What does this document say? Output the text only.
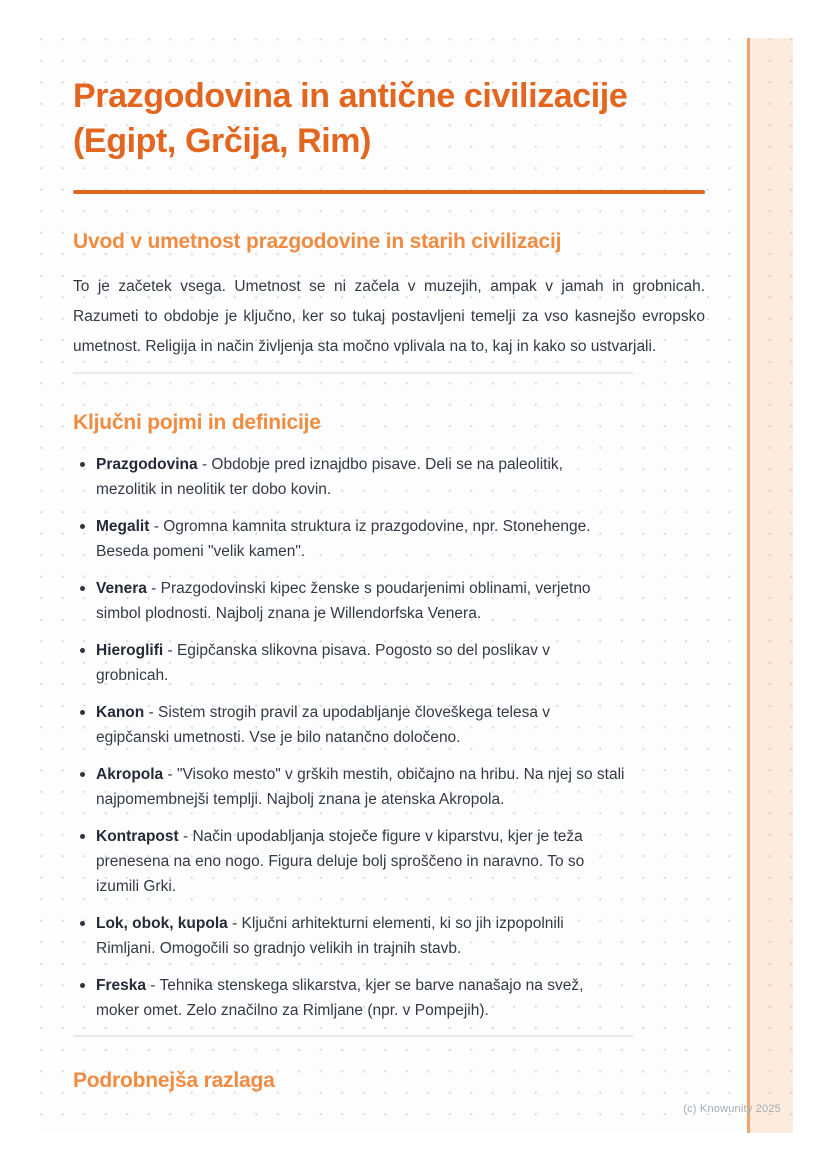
Prazgodovina in antične civilizacije (Egipt, Grčija, Rim)
Uvod v umetnost prazgodovine in starih civilizacij

To je začetek vsega. Umetnost se ni začela v muzejih, ampak v jamah in grobnicah. Razumeti to obdobje je ključno, ker so tukaj postavljeni temelji za vso kasnejšo evropsko umetnost. Religija in način življenja sta močno vplivala na to, kaj in kako so ustvarjali.

Ključni pojmi in definicije
Prazgodovina - Obdobje pred iznajdbo pisave. Deli se na paleolitik, mezolitik in neolitik ter dobo kovin.
Megalit - Ogromna kamnita struktura iz prazgodovine, npr. Stonehenge. Beseda pomeni "velik kamen".
Venera - Prazgodovinski kipec ženske s poudarjenimi oblinami, verjetno simbol plodnosti. Najbolj znana je Willendorfska Venera.
Hieroglifi - Egipčanska slikovna pisava. Pogosto so del poslikav v grobnicah.
Kanon - Sistem strogih pravil za upodabljanje človeškega telesa v egipčanski umetnosti. Vse je bilo natančno določeno.
Akropola - "Visoko mesto" v grških mestih, običajno na hribu. Na njej so stali najpomembnejši templji. Najbolj znana je atenska Akropola.
Kontrapost - Način upodabljanja stoječe figure v kiparstvu, kjer je teža prenesena na eno nogo. Figura deluje bolj sproščeno in naravno. To so izumili Grki.
Lok, obok, kupola - Ključni arhitekturni elementi, ki so jih izpopolnili Rimljani. Omogočili so gradnjo velikih in trajnih stavb.
Freska - Tehnika stenskega slikarstva, kjer se barve nanašajo na svež, moker omet. Zelo značilno za Rimljane (npr. v Pompejih).
Podrobnejša razlaga
(c) Knowunity 2025
